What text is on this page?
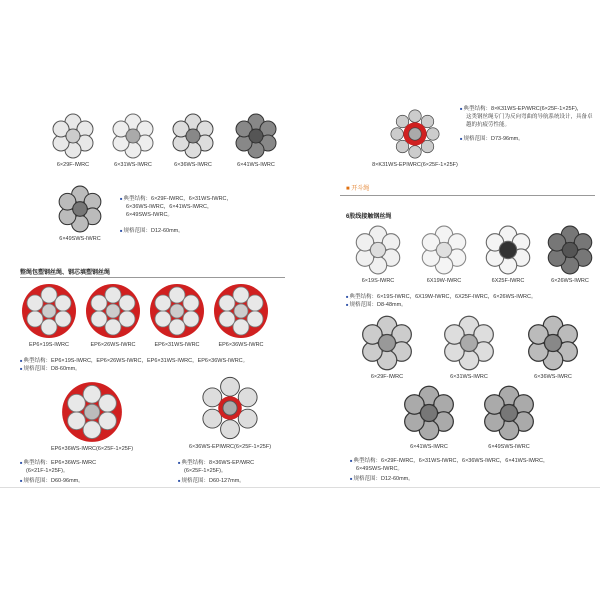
6×29F-IWRC	6×31WS-IWRC	6×36WS-IWRC	6×41WS-IWRC
6×49SWS-IWRC
■ 典型结构：6×29F-IWRC，6×31WS-IWRC，
6×36WS-IWRC，6×41WS-IWRC，
6×49SWS-IWRC。
■ 规格范围：D12-60mm。
整绳包塑钢丝绳、钢芯填塑钢丝绳
EP6×19S-IWRC	EP6×26WS-IWRC	EP6×31WS-IWRC	EP6×36WS-IWRC
■ 典型结构：EP6×19S-IWRC，EP6×26WS-IWRC，EP6×31WS-IWRC，EP6×36WS-IWRC。
■ 规格范围：D8-60mm。
EP6×36WS-IWRC(6×25F-1×25F)	6×36WS-EPIWRC(6×25F-1×25F)
■ 典型结构：EP6×36WS-IWRC
(6×21F-1×25F)。
■ 规格范围：D60-96mm。
■ 典型结构：8×36WS-EP/WRC
(6×25F-1×25F)。
■ 规格范围：D60-127mm。
8×K31WS-EPIWRC(6×25F-1×25F)
■ 典型结构：8×K31WS-EP/WRC(6×25F-1×25F)，
这类钢丝绳专门为反向弯曲的导航系统设计，具备卓
越的抗疲劳性能。
■ 规格范围：D73-96mm。
■ 开斗绳
6股线接触钢丝绳
6×19S-IWRC	6X19W-IWRC	6X25F-IWRC	6×26WS-IWRC
■ 典型结构：6×19S-IWRC，6X19W-IWRC，6X25F-IWRC，6×26WS-IWRC。
■ 规格范围：D8-48mm。
6×29F-IWRC	6×31WS-IWRC	6×36WS-IWRC
6×41WS-IWRC	6×49SWS-IWRC
■ 典型结构：6×29F-IWRC，6×31WS-IWRC，6×36WS-IWRC，6×41WS-IWRC，
6×49SWS-IWRC。
■ 规格范围：D12-60mm。
